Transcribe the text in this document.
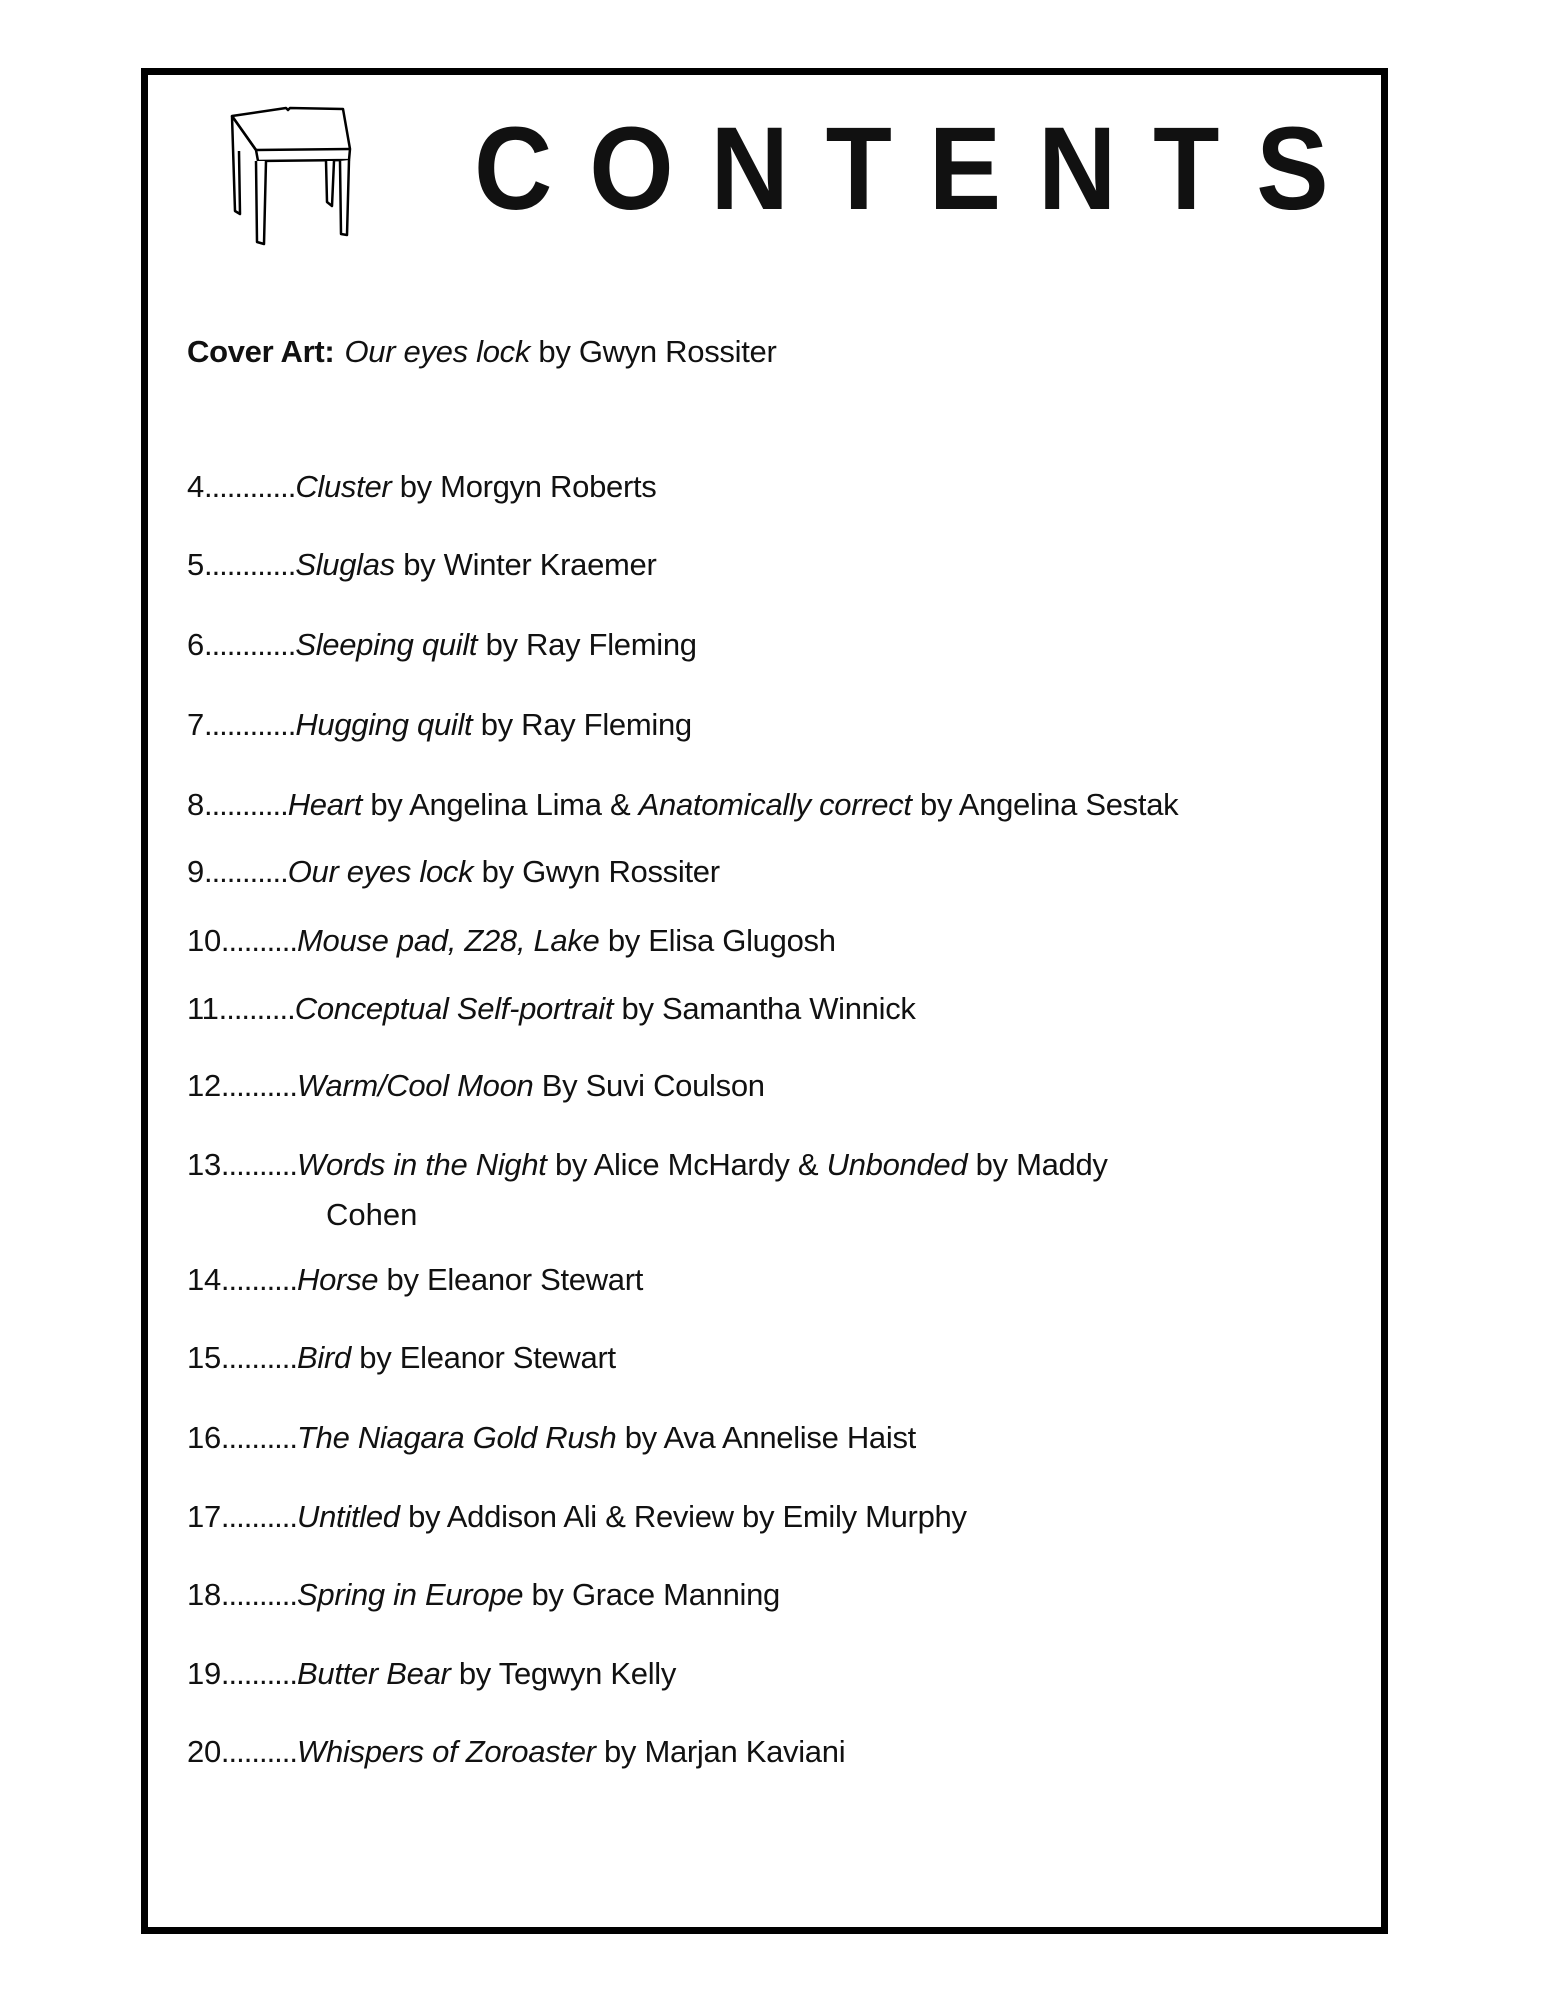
CONTENTS
Cover Art: Our eyes lock by Gwyn Rossiter
4............Cluster by Morgyn Roberts
5............Sluglas by Winter Kraemer
6............Sleeping quilt by Ray Fleming
7............Hugging quilt by Ray Fleming
8...........Heart by Angelina Lima & Anatomically correct by Angelina Sestak
9...........Our eyes lock by Gwyn Rossiter
10..........Mouse pad, Z28, Lake by Elisa Glugosh
11..........Conceptual Self-portrait by Samantha Winnick
12..........Warm/Cool Moon By Suvi Coulson
13..........Words in the Night by Alice McHardy & Unbonded by Maddy
Cohen
14..........Horse by Eleanor Stewart
15..........Bird by Eleanor Stewart
16..........The Niagara Gold Rush by Ava Annelise Haist
17..........Untitled by Addison Ali & Review by Emily Murphy
18..........Spring in Europe by Grace Manning
19..........Butter Bear by Tegwyn Kelly
20..........Whispers of Zoroaster by Marjan Kaviani
